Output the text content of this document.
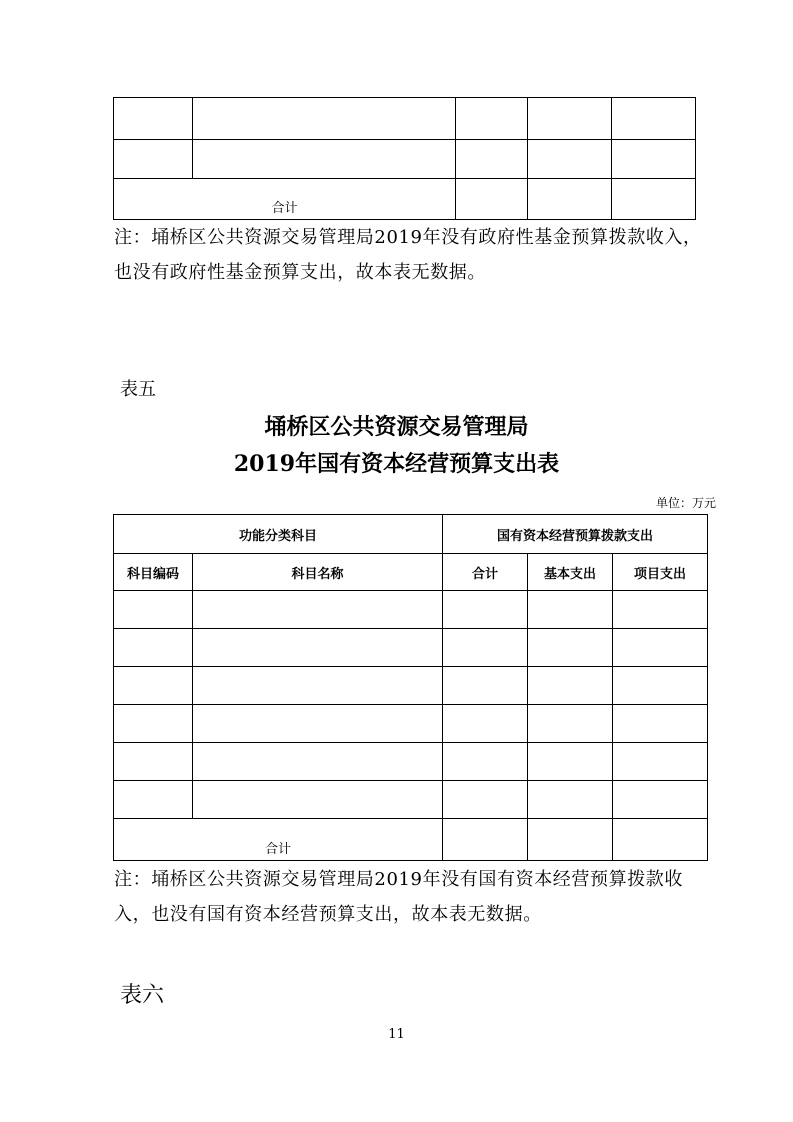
合计				

注：埇桥区公共资源交易管理局2019年没有政府性基金预算拨款收入，也没有政府性基金预算支出，故本表无数据。

表五
埇桥区公共资源交易管理局
2019年国有资本经营预算支出表
单位：万元
功能分类科目		国有资本经营预算拨款支出		
科目编码	科目名称	合计	基本支出	项目支出

合计				

注：埇桥区公共资源交易管理局2019年没有国有资本经营预算拨款收入，也没有国有资本经营预算支出，故本表无数据。

表六
11
